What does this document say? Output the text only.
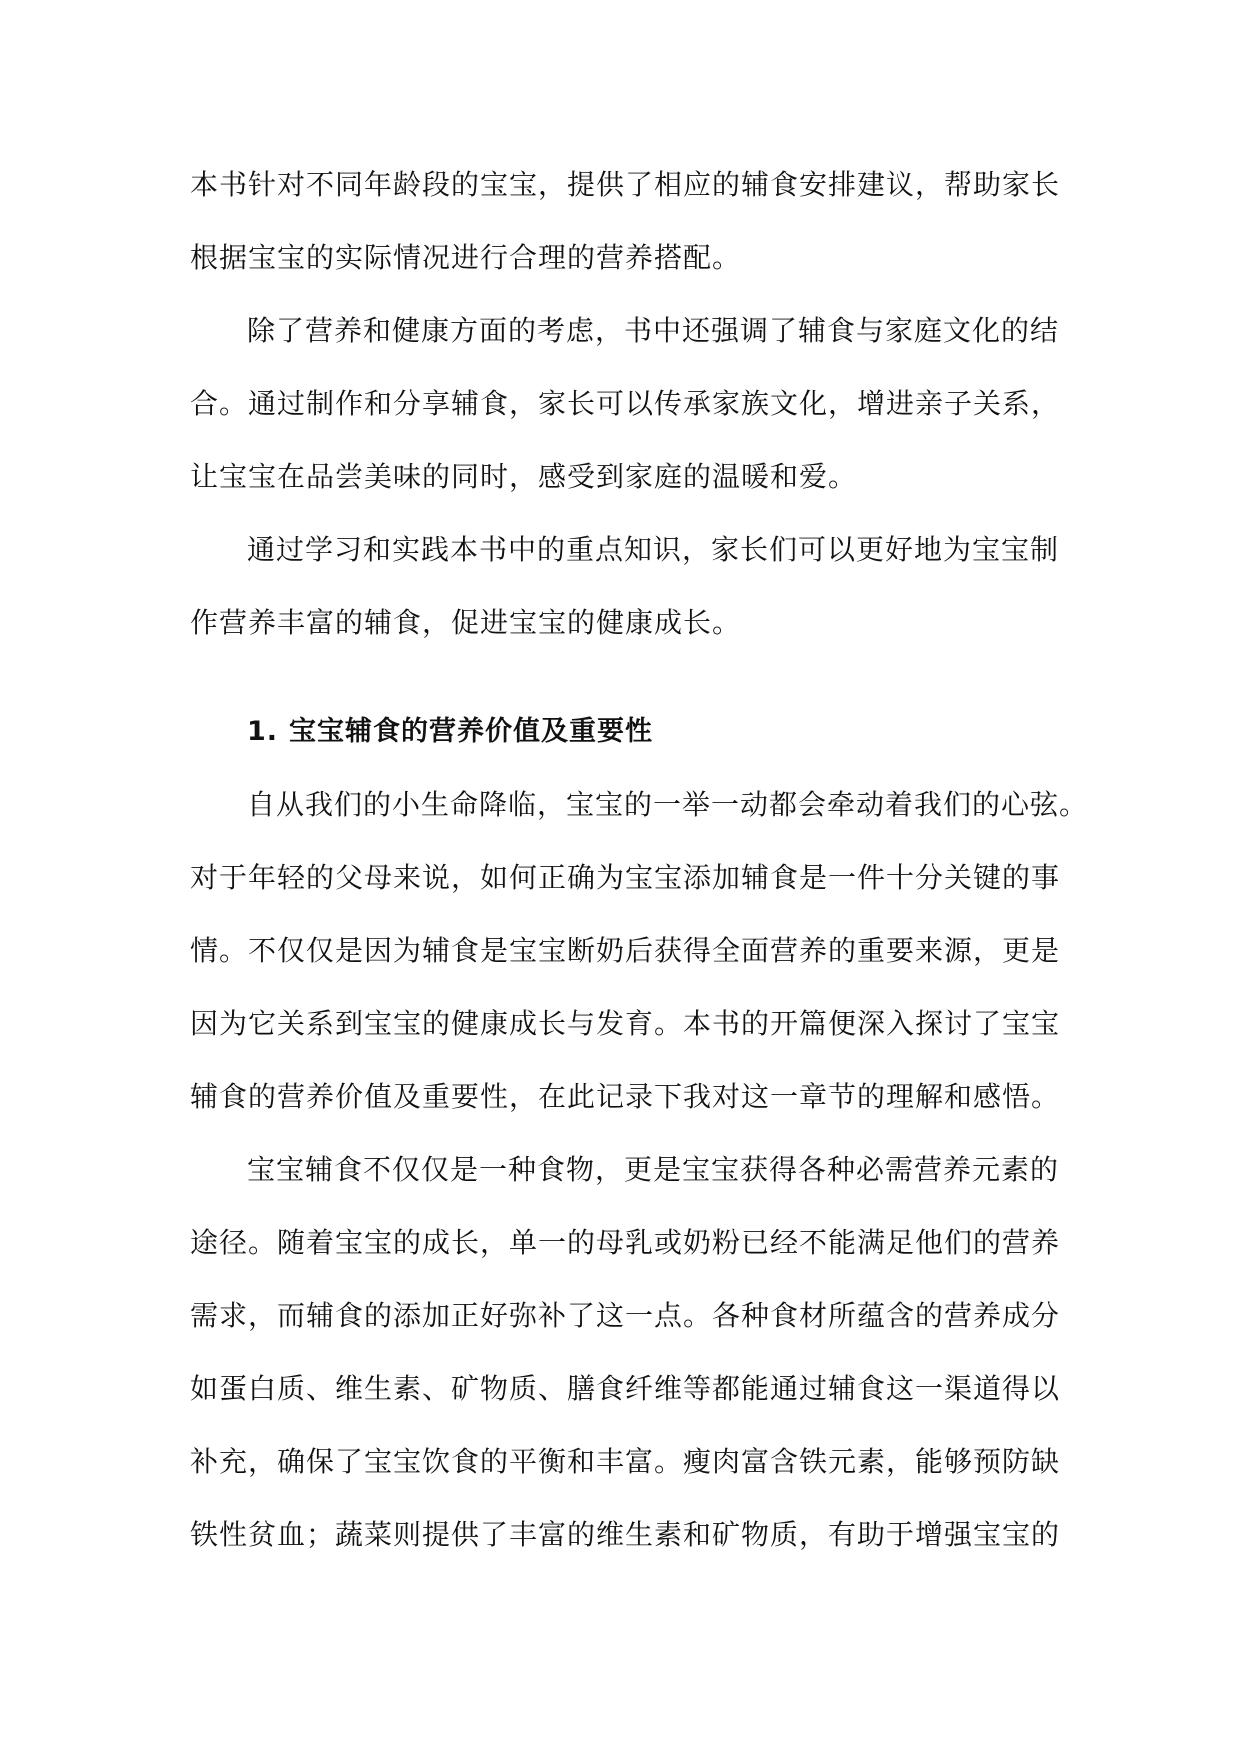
本书针对不同年龄段的宝宝，提供了相应的辅食安排建议，帮助家长
根据宝宝的实际情况进行合理的营养搭配。
除了营养和健康方面的考虑，书中还强调了辅食与家庭文化的结
合。通过制作和分享辅食，家长可以传承家族文化，增进亲子关系，
让宝宝在品尝美味的同时，感受到家庭的温暖和爱。
通过学习和实践本书中的重点知识，家长们可以更好地为宝宝制
作营养丰富的辅食，促进宝宝的健康成长。
1. 宝宝辅食的营养价值及重要性
自从我们的小生命降临，宝宝的一举一动都会牵动着我们的心弦。
对于年轻的父母来说，如何正确为宝宝添加辅食是一件十分关键的事
情。不仅仅是因为辅食是宝宝断奶后获得全面营养的重要来源，更是
因为它关系到宝宝的健康成长与发育。本书的开篇便深入探讨了宝宝
辅食的营养价值及重要性，在此记录下我对这一章节的理解和感悟。
宝宝辅食不仅仅是一种食物，更是宝宝获得各种必需营养元素的
途径。随着宝宝的成长，单一的母乳或奶粉已经不能满足他们的营养
需求，而辅食的添加正好弥补了这一点。各种食材所蕴含的营养成分
如蛋白质、维生素、矿物质、膳食纤维等都能通过辅食这一渠道得以
补充，确保了宝宝饮食的平衡和丰富。瘦肉富含铁元素，能够预防缺
铁性贫血；蔬菜则提供了丰富的维生素和矿物质，有助于增强宝宝的
